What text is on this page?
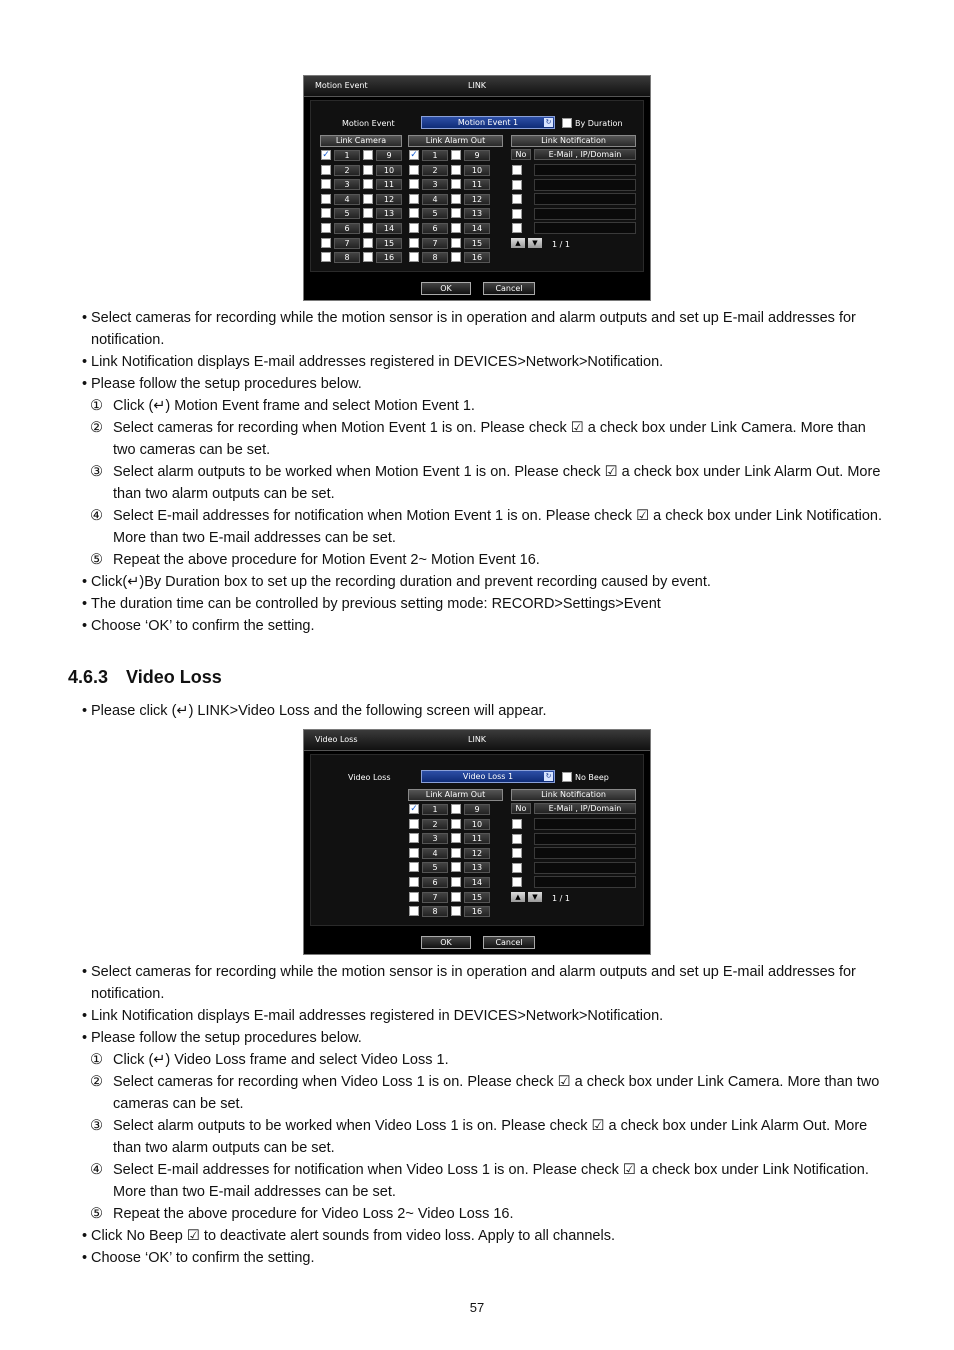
Motion Event	LINK
Motion Event	Motion Event 1	↻	By Duration
Link Camera	Link Alarm Out	Link Notification
No	E-Mail , IP/Domain
▲	▼	1 / 1
OK	Cancel
✓	1	9	✓	1	9
2	10	2	10
3	11	3	11
4	12	4	12
5	13	5	13
6	14	6	14
7	15	7	15
8	16	8	16
• Select cameras for recording while the motion sensor is in operation and alarm outputs and set up E-mail addresses for notification.
• Link Notification displays E-mail addresses registered in DEVICES>Network>Notification.
• Please follow the setup procedures below.
① Click (↵) Motion Event frame and select Motion Event 1.
② Select cameras for recording when Motion Event 1 is on. Please check ☑ a check box under Link Camera. More than two cameras can be set.
③ Select alarm outputs to be worked when Motion Event 1 is on. Please check ☑ a check box under Link Alarm Out. More than two alarm outputs can be set.
④ Select E-mail addresses for notification when Motion Event 1 is on. Please check ☑ a check box under Link Notification. More than two E-mail addresses can be set.
⑤ Repeat the above procedure for Motion Event 2~ Motion Event 16.
• Click(↵)By Duration box to set up the recording duration and prevent recording caused by event.
• The duration time can be controlled by previous setting mode: RECORD>Settings>Event
• Choose ‘OK’ to confirm the setting.
4.6.3 Video Loss
• Please click (↵) LINK>Video Loss and the following screen will appear.
Video Loss	LINK
Video Loss	Video Loss 1	↻	No Beep
Link Alarm Out	Link Notification
No	E-Mail , IP/Domain
▲	▼	1 / 1
OK	Cancel
✓	1	9
2	10
3	11
4	12
5	13
6	14
7	15
8	16
• Select cameras for recording while the motion sensor is in operation and alarm outputs and set up E-mail addresses for notification.
• Link Notification displays E-mail addresses registered in DEVICES>Network>Notification.
• Please follow the setup procedures below.
① Click (↵) Video Loss frame and select Video Loss 1.
② Select cameras for recording when Video Loss 1 is on. Please check ☑ a check box under Link Camera. More than two cameras can be set.
③ Select alarm outputs to be worked when Video Loss 1 is on. Please check ☑ a check box under Link Alarm Out. More than two alarm outputs can be set.
④ Select E-mail addresses for notification when Video Loss 1 is on. Please check ☑ a check box under Link Notification. More than two E-mail addresses can be set.
⑤ Repeat the above procedure for Video Loss 2~ Video Loss 16.
• Click No Beep ☑ to deactivate alert sounds from video loss. Apply to all channels.
• Choose ‘OK’ to confirm the setting.
57
